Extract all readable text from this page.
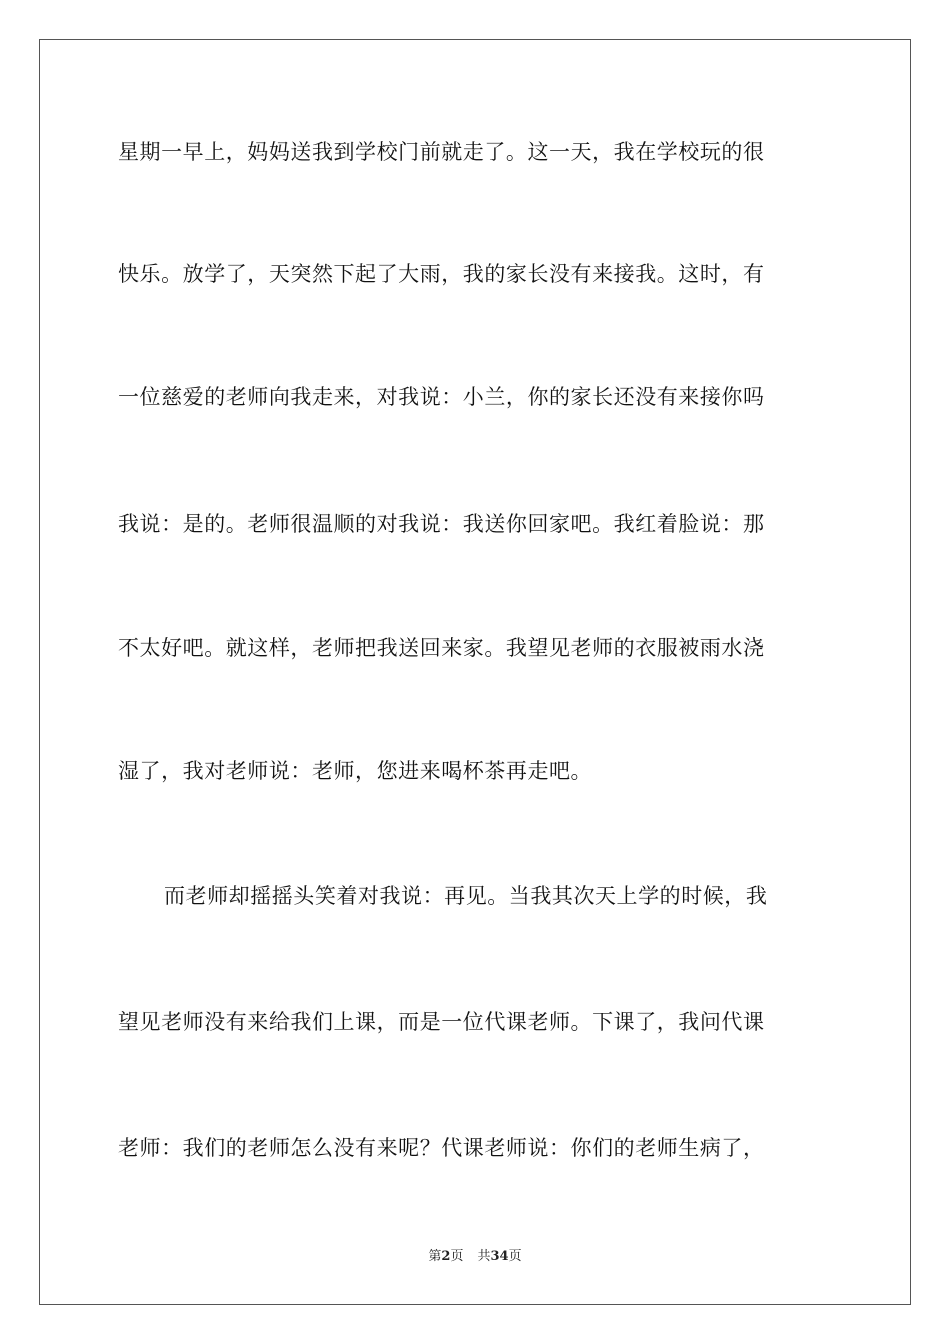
星期一早上，妈妈送我到学校门前就走了。这一天，我在学校玩的很
快乐。放学了，天突然下起了大雨，我的家长没有来接我。这时，有
一位慈爱的老师向我走来，对我说：小兰，你的家长还没有来接你吗
我说：是的。老师很温顺的对我说：我送你回家吧。我红着脸说：那
不太好吧。就这样，老师把我送回来家。我望见老师的衣服被雨水浇
湿了，我对老师说：老师，您进来喝杯茶再走吧。
而老师却摇摇头笑着对我说：再见。当我其次天上学的时候，我
望见老师没有来给我们上课，而是一位代课老师。下课了，我问代课
老师：我们的老师怎么没有来呢？代课老师说：你们的老师生病了，
第2页 共34页
